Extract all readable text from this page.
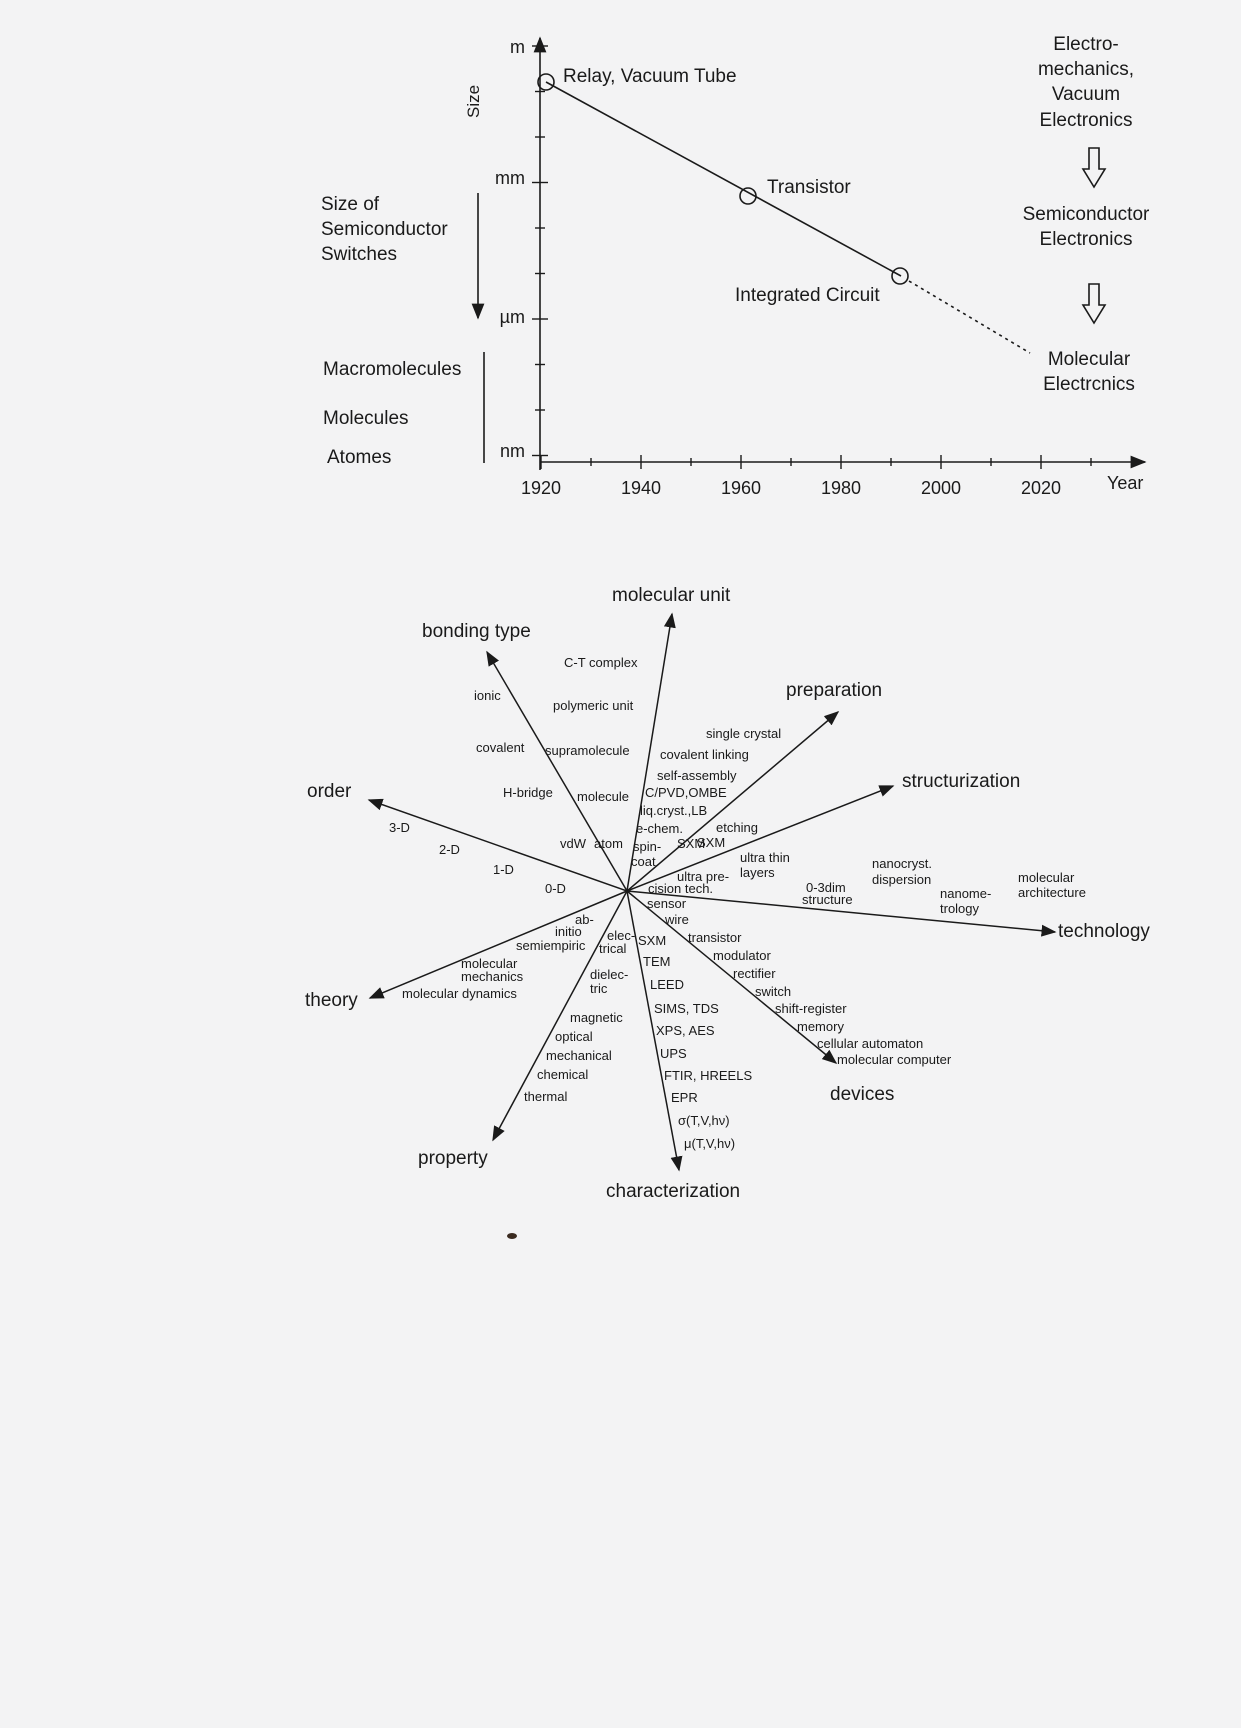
Size
Year
m
mm
µm
nm
1920	1940	1960	1980	2000	2020
Relay, Vacuum Tube
Transistor
Integrated Circuit
Size of
Semiconductor
Switches
Macromolecules
Molecules
Atomes
Electro-
mechanics,
Vacuum
Electronics
Semiconductor
Electronics
Molecular
Electrcnics
molecular unit
bonding type
preparation
structurization
order
technology
theory
devices
property
characterization
C-T complex
ionic
polymeric unit
covalent supramolecule
H-bridge molecule
vdW atom
single crystal
covalent linking
self-assembly
C/PVD,OMBE
liq.cryst.,LB
e-chem.
spin-
coat
SXM
etching
SXM
ultra thin
layers
ultra pre-
cision tech.
3-D
2-D
1-D
0-D	0-3dim
structure
nanocryst.
dispersion
nanome-
trology
molecular
architecture
sensor
wire
ab-
initio
semiempiric
molecular
mechanics
molecular dynamics
elec-
trical
dielec-
tric
magnetic
optical
mechanical
chemical
thermal
SXM
TEM
LEED
SIMS, TDS
XPS, AES
UPS
FTIR, HREELS
EPR
σ(T,V,hν)
μ(T,V,hν)
transistor
modulator
rectifier
switch
shift-register
memory
cellular automaton
molecular computer
